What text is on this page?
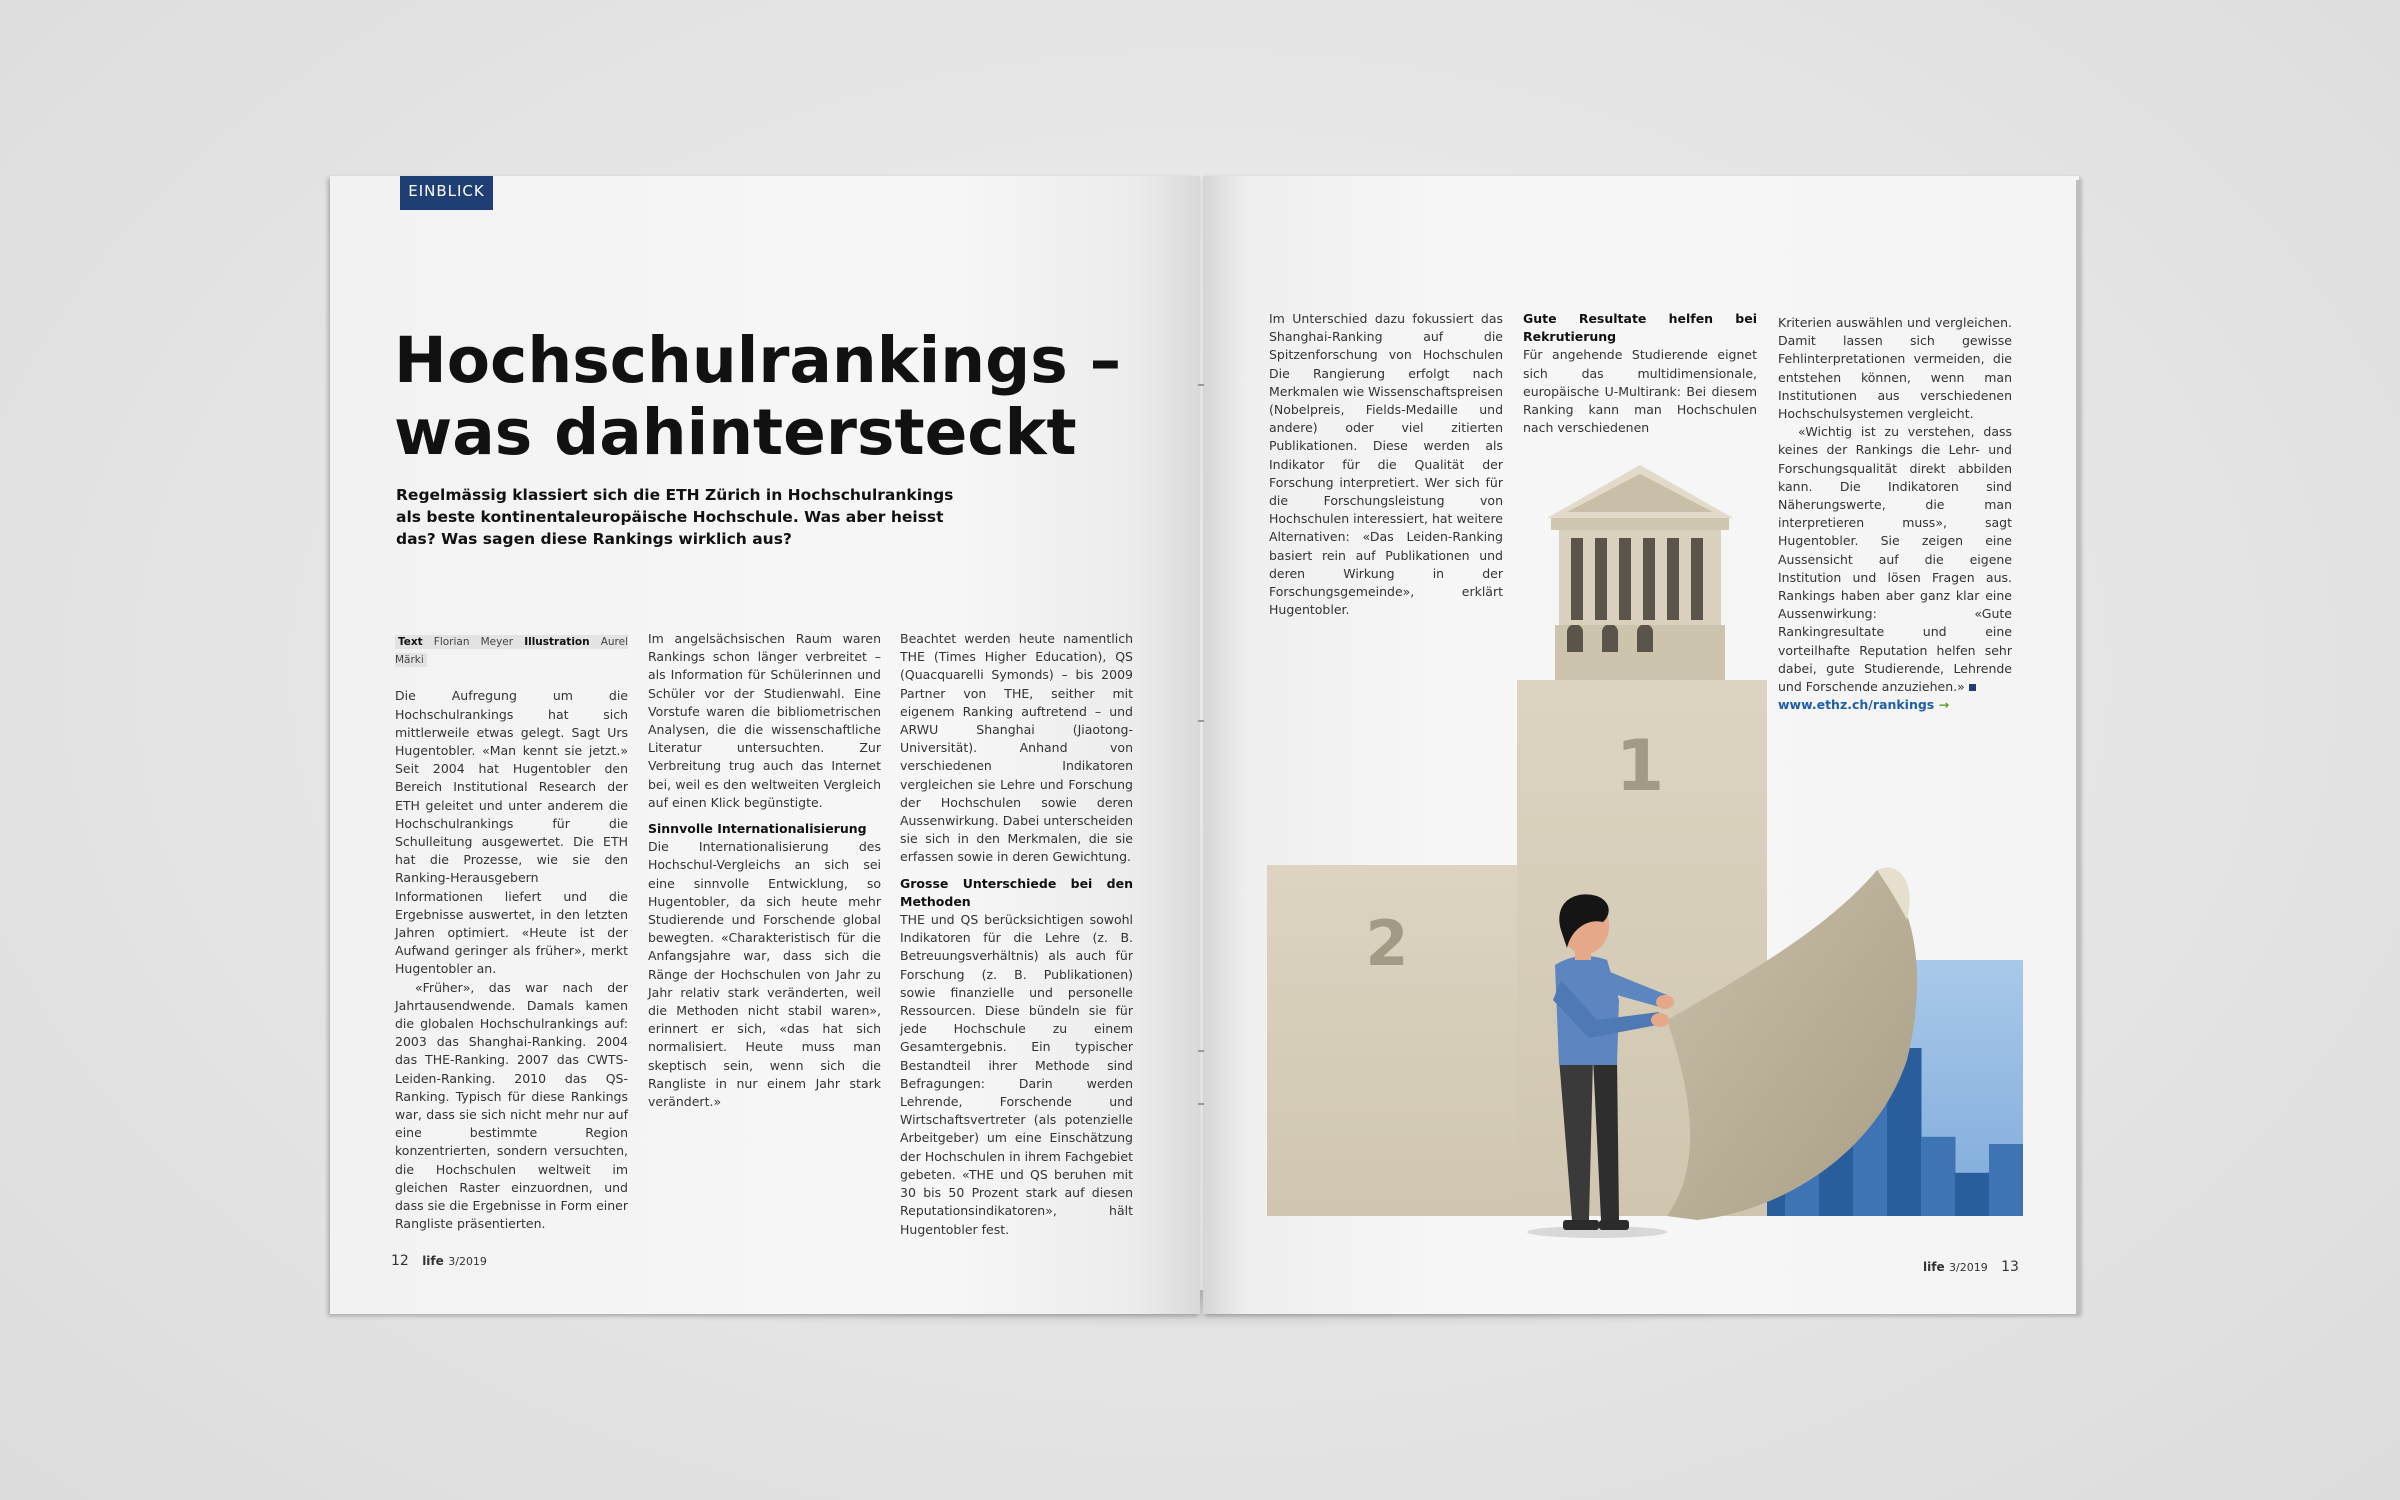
EINBLICK
Hochschulrankings –
was dahintersteckt
Regelmässig klassiert sich die ETH Zürich in Hochschulrankings als beste kontinentaleuropäische Hochschule. Was aber heisst das? Was sagen diese Rankings wirklich aus?
Text Florian Meyer Illustration Aurel Märki

Die Aufregung um die Hochschulrankings hat sich mittlerweile etwas gelegt. Sagt Urs Hugentobler. «Man kennt sie jetzt.» Seit 2004 hat Hugentobler den Bereich Institutional Research der ETH geleitet und unter anderem die Hochschulrankings für die Schulleitung ausgewertet. Die ETH hat die Prozesse, wie sie den Ranking-Herausgebern Informationen liefert und die Ergebnisse auswertet, in den letzten Jahren optimiert. «Heute ist der Aufwand geringer als früher», merkt Hugentobler an.

«Früher», das war nach der Jahrtausendwende. Damals kamen die globalen Hochschulrankings auf: 2003 das Shanghai-Ranking. 2004 das THE-Ranking. 2007 das CWTS-Leiden-Ranking. 2010 das QS-Ranking. Typisch für diese Rankings war, dass sie sich nicht mehr nur auf eine bestimmte Region konzentrierten, sondern versuchten, die Hochschulen weltweit im gleichen Raster einzuordnen, und dass sie die Ergebnisse in Form einer Rangliste präsentierten.

Im angelsächsischen Raum waren Rankings schon länger verbreitet – als Information für Schülerinnen und Schüler vor der Studienwahl. Eine Vorstufe waren die bibliometrischen Analysen, die die wissenschaftliche Literatur untersuchten. Zur Verbreitung trug auch das Internet bei, weil es den weltweiten Vergleich auf einen Klick begünstigte.

Sinnvolle Internationalisierung

Die Internationalisierung des Hochschul-Vergleichs an sich sei eine sinnvolle Entwicklung, so Hugentobler, da sich heute mehr Studierende und Forschende global bewegten. «Charakteristisch für die Anfangsjahre war, dass sich die Ränge der Hochschulen von Jahr zu Jahr relativ stark veränderten, weil die Methoden nicht stabil waren», erinnert er sich, «das hat sich normalisiert. Heute muss man skeptisch sein, wenn sich die Rangliste in nur einem Jahr stark verändert.»

Beachtet werden heute namentlich THE (Times Higher Education), QS (Quacquarelli Symonds) – bis 2009 Partner von THE, seither mit eigenem Ranking auftretend – und ARWU Shanghai (Jiaotong-Universität). Anhand von verschiedenen Indikatoren vergleichen sie Lehre und Forschung der Hochschulen sowie deren Aussenwirkung. Dabei unterscheiden sie sich in den Merkmalen, die sie erfassen sowie in deren Gewichtung.

Grosse Unterschiede bei den Methoden

THE und QS berücksichtigen sowohl Indikatoren für die Lehre (z. B. Betreuungsverhältnis) als auch für Forschung (z. B. Publikationen) sowie finanzielle und personelle Ressourcen. Diese bündeln sie für jede Hochschule zu einem Gesamtergebnis. Ein typischer Bestandteil ihrer Methode sind Befragungen: Darin werden Lehrende, Forschende und Wirtschaftsvertreter (als potenzielle Arbeitgeber) um eine Einschätzung der Hochschulen in ihrem Fachgebiet gebeten. «THE und QS beruhen mit 30 bis 50 Prozent stark auf diesen Reputationsindikatoren», hält Hugentobler fest.

12 life 3/2019

Im Unterschied dazu fokussiert das Shanghai-Ranking auf die Spitzenforschung von Hochschulen Die Rangierung erfolgt nach Merkmalen wie Wissenschaftspreisen (Nobelpreis, Fields-Medaille und andere) oder viel zitierten Publikationen. Diese werden als Indikator für die Qualität der Forschung interpretiert. Wer sich für die Forschungsleistung von Hochschulen interessiert, hat weitere Alternativen: «Das Leiden-Ranking basiert rein auf Publikationen und deren Wirkung in der Forschungsgemeinde», erklärt Hugentobler.

Gute Resultate helfen bei Rekrutierung

Für angehende Studierende eignet sich das multidimensionale, europäische U-Multirank: Bei diesem Ranking kann man Hochschulen nach verschiedenen

Kriterien auswählen und vergleichen. Damit lassen sich gewisse Fehlinterpretationen vermeiden, die entstehen können, wenn man Institutionen aus verschiedenen Hochschulsystemen vergleicht.

«Wichtig ist zu verstehen, dass keines der Rankings die Lehr- und Forschungsqualität direkt abbilden kann. Die Indikatoren sind Näherungswerte, die man interpretieren muss», sagt Hugentobler. Sie zeigen eine Aussensicht auf die eigene Institution und lösen Fragen aus. Rankings haben aber ganz klar eine Aussenwirkung: «Gute Rankingresultate und eine vorteilhafte Reputation helfen sehr dabei, gute Studierende, Lehrende und Forschende anzuziehen.»

www.ethz.ch/rankings →

2
1
life 3/2019 13
